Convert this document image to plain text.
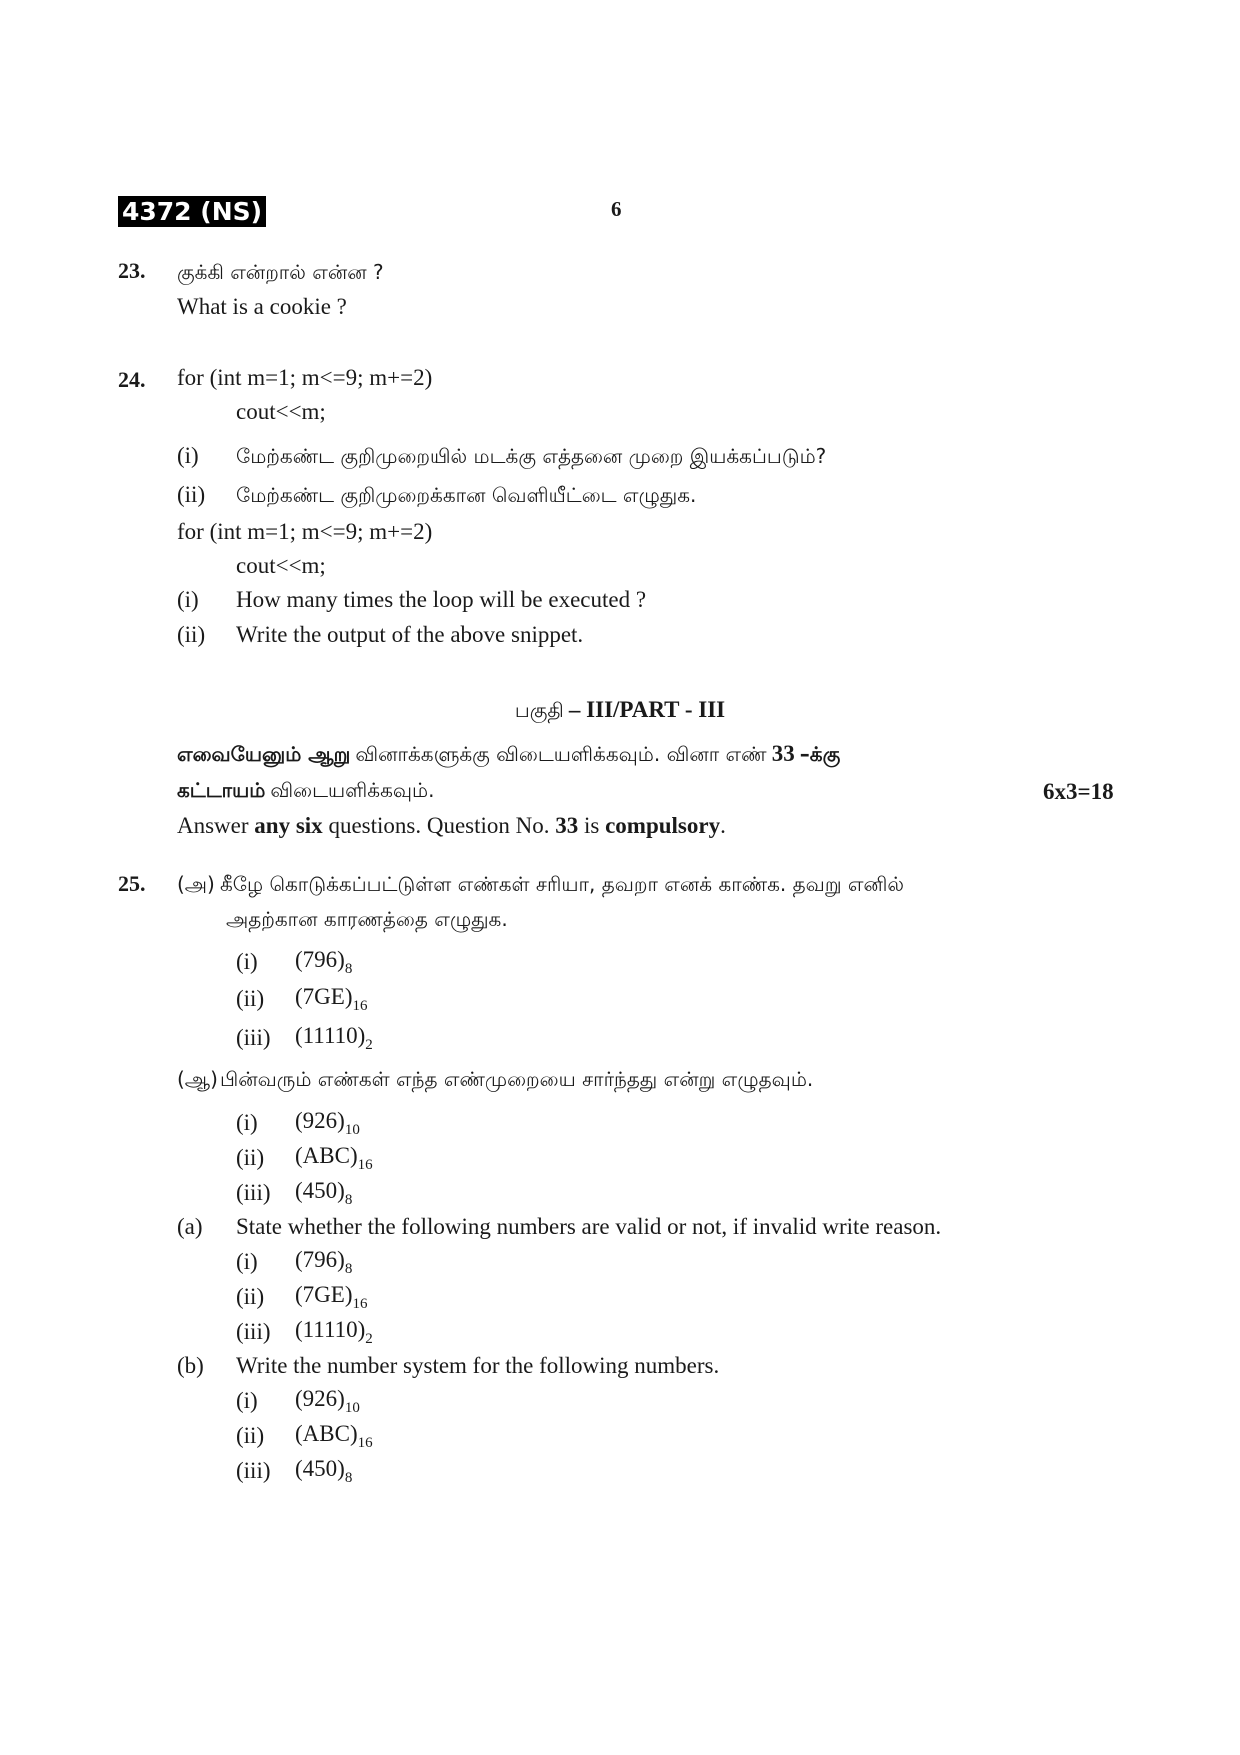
4372 (NS)	6
23. குக்கி என்றால் என்ன ?
What is a cookie ?
24. for (int m=1; m<=9; m+=2)
cout<<m;
(i) மேற்கண்ட குறிமுறையில் மடக்கு எத்தனை முறை இயக்கப்படும்?
(ii) மேற்கண்ட குறிமுறைக்கான வெளியீட்டை எழுதுக.
for (int m=1; m<=9; m+=2)
cout<<m;
(i) How many times the loop will be executed ?
(ii) Write the output of the above snippet.
பகுதி – III/PART - III
எவையேனும் ஆறு வினாக்களுக்கு விடையளிக்கவும். வினா எண் 33 –க்கு
கட்டாயம் விடையளிக்கவும்.	6x3=18
Answer any six questions. Question No. 33 is compulsory.
25. (அ) கீழே கொடுக்கப்பட்டுள்ள எண்கள் சரியா, தவறா எனக் காண்க. தவறு எனில்
அதற்கான காரணத்தை எழுதுக.
(i) $(796)_8$
(ii) $(7GE)_{16}$
(iii) $(11110)_2$
(ஆ) பின்வரும் எண்கள் எந்த எண்முறையை சார்ந்தது என்று எழுதவும்.
(i) $(926)_{10}$
(ii) $(ABC)_{16}$
(iii) $(450)_8$
(a) State whether the following numbers are valid or not, if invalid write reason.
(i) $(796)_8$
(ii) $(7GE)_{16}$
(iii) $(11110)_2$
(b) Write the number system for the following numbers.
(i) $(926)_{10}$
(ii) $(ABC)_{16}$
(iii) $(450)_8$
